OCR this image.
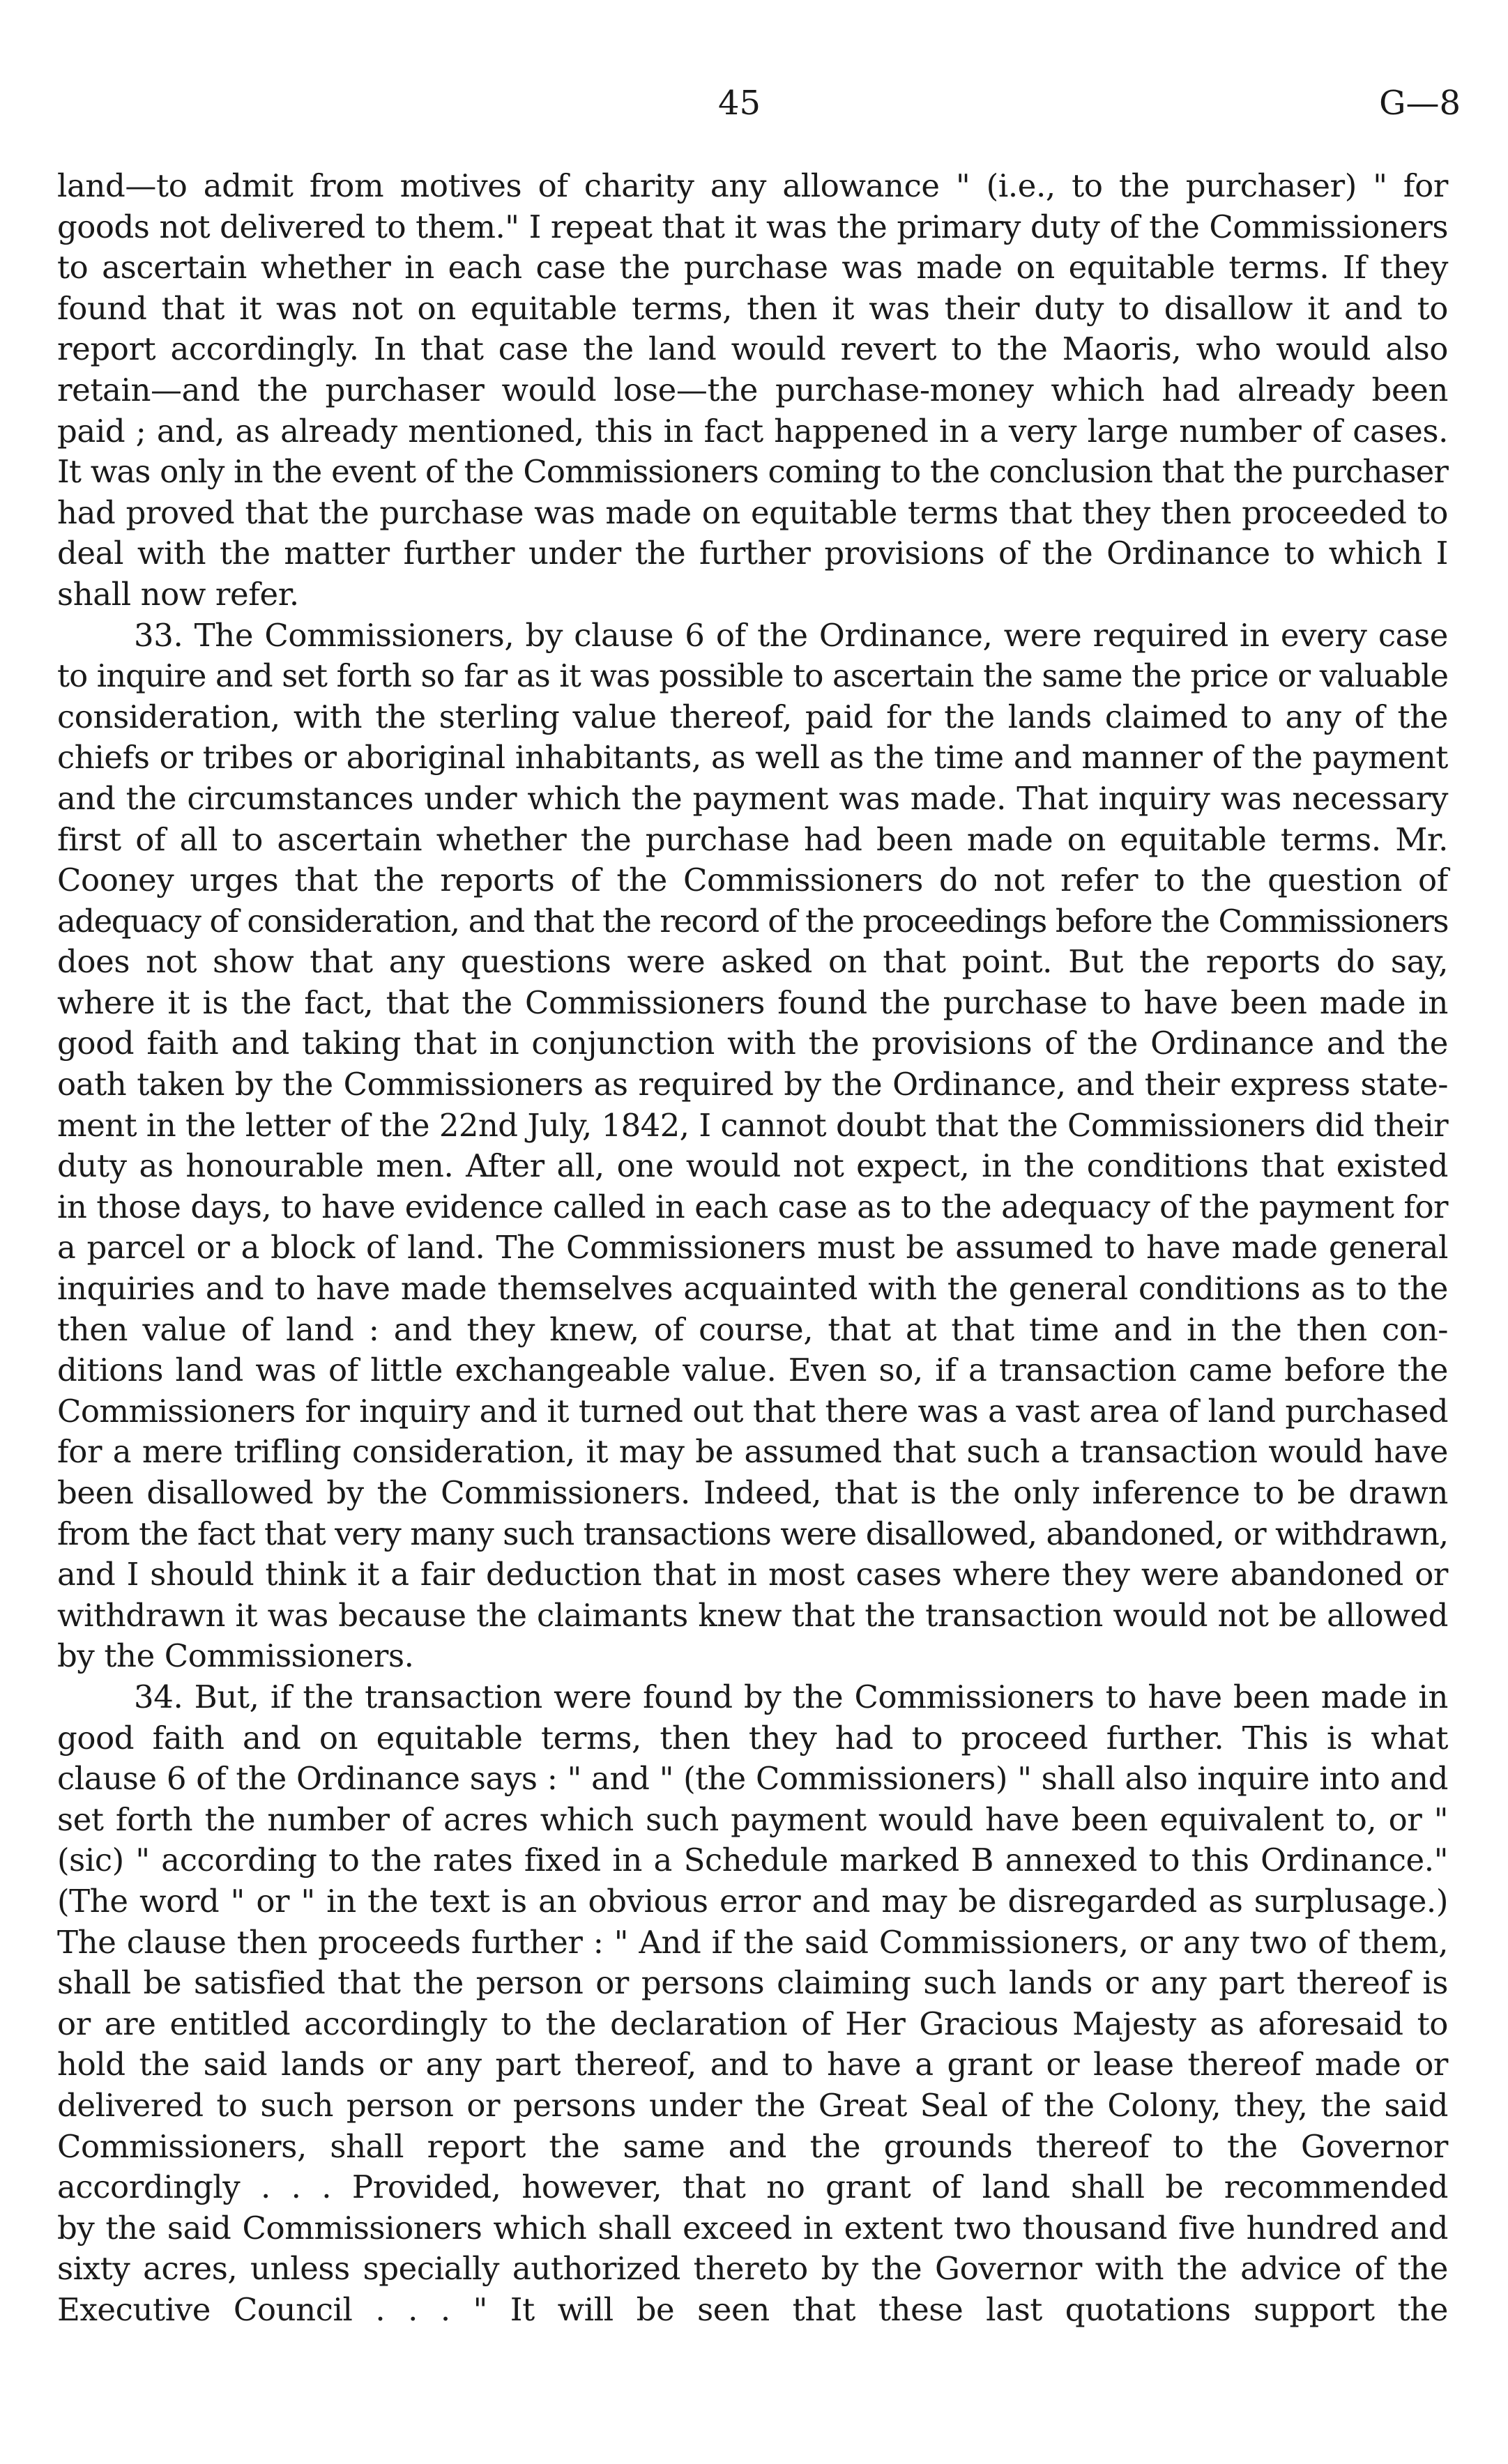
45	G—8
land—to admit from motives of charity any allowance " (i.e., to the purchaser) " for
goods not delivered to them." I repeat that it was the primary duty of the Commissioners
to ascertain whether in each case the purchase was made on equitable terms. If they
found that it was not on equitable terms, then it was their duty to disallow it and to
report accordingly. In that case the land would revert to the Maoris, who would also
retain—and the purchaser would lose—the purchase-money which had already been
paid ; and, as already mentioned, this in fact happened in a very large number of cases.
It was only in the event of the Commissioners coming to the conclusion that the purchaser
had proved that the purchase was made on equitable terms that they then proceeded to
deal with the matter further under the further provisions of the Ordinance to which I
shall now refer.
33. The Commissioners, by clause 6 of the Ordinance, were required in every case
to inquire and set forth so far as it was possible to ascertain the same the price or valuable
consideration, with the sterling value thereof, paid for the lands claimed to any of the
chiefs or tribes or aboriginal inhabitants, as well as the time and manner of the payment
and the circumstances under which the payment was made. That inquiry was necessary
first of all to ascertain whether the purchase had been made on equitable terms. Mr.
Cooney urges that the reports of the Commissioners do not refer to the question of
adequacy of consideration, and that the record of the proceedings before the Commissioners
does not show that any questions were asked on that point. But the reports do say,
where it is the fact, that the Commissioners found the purchase to have been made in
good faith and taking that in conjunction with the provisions of the Ordinance and the
oath taken by the Commissioners as required by the Ordinance, and their express state-
ment in the letter of the 22nd July, 1842, I cannot doubt that the Commissioners did their
duty as honourable men. After all, one would not expect, in the conditions that existed
in those days, to have evidence called in each case as to the adequacy of the payment for
a parcel or a block of land. The Commissioners must be assumed to have made general
inquiries and to have made themselves acquainted with the general conditions as to the
then value of land : and they knew, of course, that at that time and in the then con-
ditions land was of little exchangeable value. Even so, if a transaction came before the
Commissioners for inquiry and it turned out that there was a vast area of land purchased
for a mere trifling consideration, it may be assumed that such a transaction would have
been disallowed by the Commissioners. Indeed, that is the only inference to be drawn
from the fact that very many such transactions were disallowed, abandoned, or withdrawn,
and I should think it a fair deduction that in most cases where they were abandoned or
withdrawn it was because the claimants knew that the transaction would not be allowed
by the Commissioners.
34. But, if the transaction were found by the Commissioners to have been made in
good faith and on equitable terms, then they had to proceed further. This is what
clause 6 of the Ordinance says : " and " (the Commissioners) " shall also inquire into and
set forth the number of acres which such payment would have been equivalent to, or "
(sic) " according to the rates fixed in a Schedule marked B annexed to this Ordinance."
(The word " or " in the text is an obvious error and may be disregarded as surplusage.)
The clause then proceeds further : " And if the said Commissioners, or any two of them,
shall be satisfied that the person or persons claiming such lands or any part thereof is
or are entitled accordingly to the declaration of Her Gracious Majesty as aforesaid to
hold the said lands or any part thereof, and to have a grant or lease thereof made or
delivered to such person or persons under the Great Seal of the Colony, they, the said
Commissioners, shall report the same and the grounds thereof to the Governor
accordingly . . . Provided, however, that no grant of land shall be recommended
by the said Commissioners which shall exceed in extent two thousand five hundred and
sixty acres, unless specially authorized thereto by the Governor with the advice of the
Executive Council . . . " It will be seen that these last quotations support the
